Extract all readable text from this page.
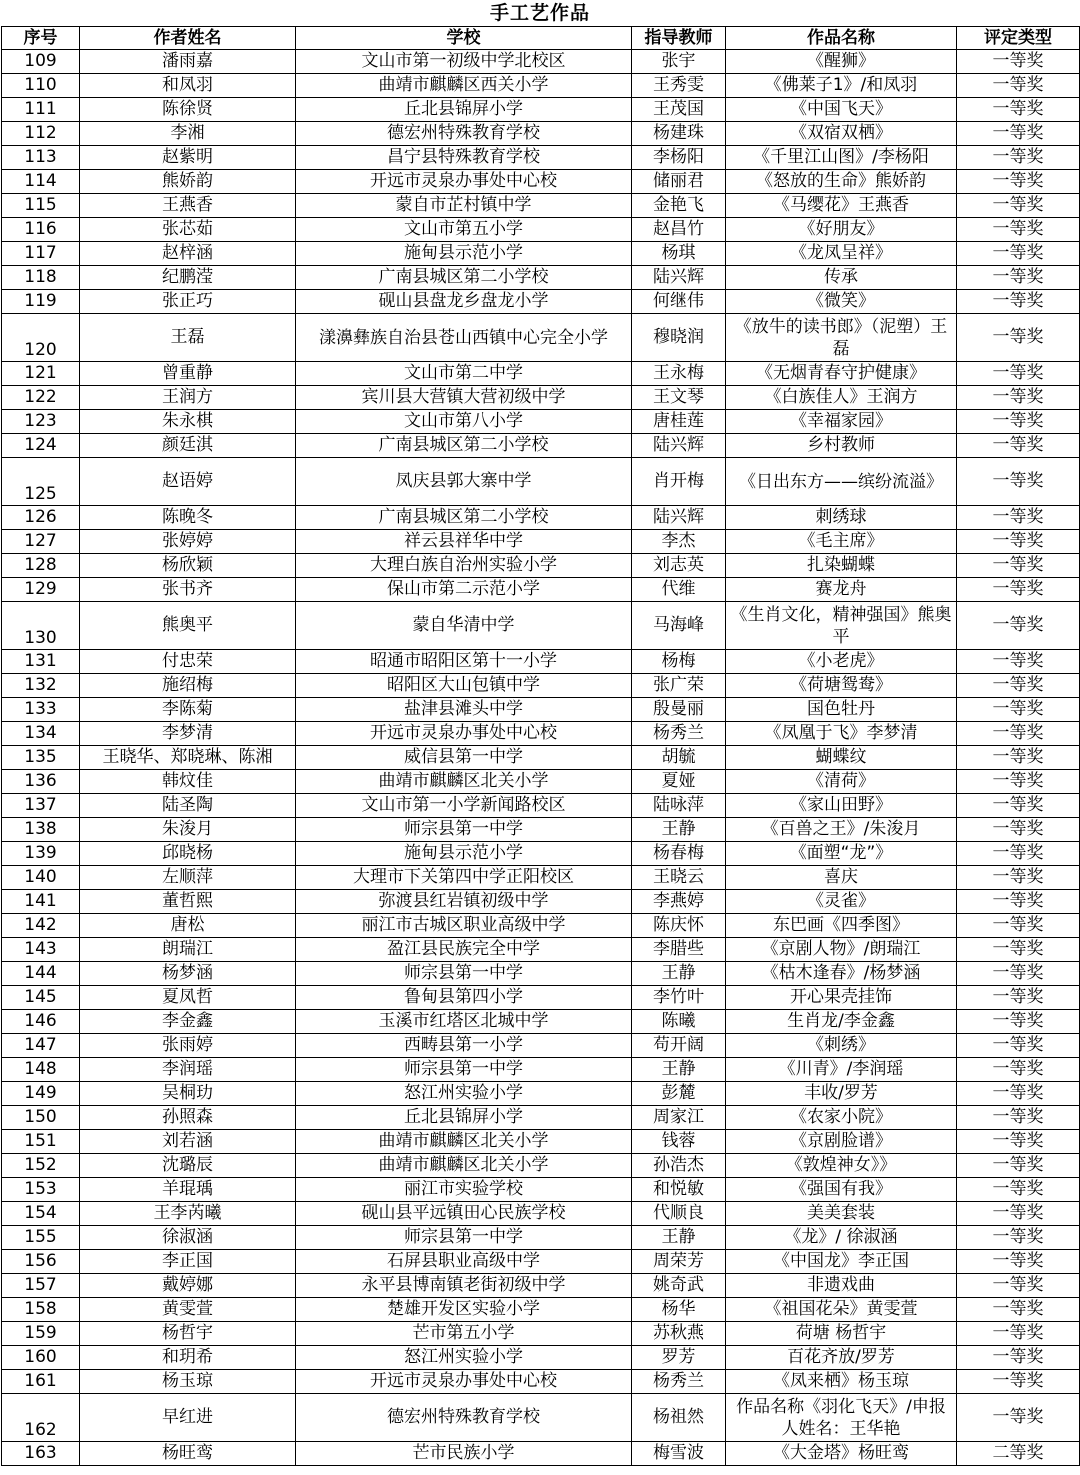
手工艺作品
序号	作者姓名	学校	指导教师	作品名称	评定类型
109	潘雨嘉	文山市第一初级中学北校区	张宇	《醒狮》	一等奖
110	和凤羽	曲靖市麒麟区西关小学	王秀雯	《佛莱子1》/和凤羽	一等奖
111	陈徐贤	丘北县锦屏小学	王茂国	《中国飞天》	一等奖
112	李湘	德宏州特殊教育学校	杨建珠	《双宿双栖》	一等奖
113	赵紫明	昌宁县特殊教育学校	李杨阳	《千里江山图》/李杨阳	一等奖
114	熊娇韵	开远市灵泉办事处中心校	储丽君	《怒放的生命》熊娇韵	一等奖
115	王燕香	蒙自市芷村镇中学	金艳飞	《马缨花》王燕香	一等奖
116	张芯茹	文山市第五小学	赵昌竹	《好朋友》	一等奖
117	赵梓涵	施甸县示范小学	杨琪	《龙凤呈祥》	一等奖
118	纪鹏滢	广南县城区第二小学校	陆兴辉	传承	一等奖
119	张正巧	砚山县盘龙乡盘龙小学	何继伟	《微笑》	一等奖
120	王磊	漾濞彝族自治县苍山西镇中心完全小学	穆晓润	《放牛的读书郎》（泥塑）王磊	一等奖
121	曾重静	文山市第二中学	王永梅	《无烟青春守护健康》	一等奖
122	王润方	宾川县大营镇大营初级中学	王文琴	《白族佳人》王润方	一等奖
123	朱永棋	文山市第八小学	唐桂莲	《幸福家园》	一等奖
124	颜廷淇	广南县城区第二小学校	陆兴辉	乡村教师	一等奖
125	赵语婷	凤庆县郭大寨中学	肖开梅	《日出东方——缤纷流溢》	一等奖
126	陈晚冬	广南县城区第二小学校	陆兴辉	刺绣球	一等奖
127	张婷婷	祥云县祥华中学	李杰	《毛主席》	一等奖
128	杨欣颖	大理白族自治州实验小学	刘志英	扎染蝴蝶	一等奖
129	张书齐	保山市第二示范小学	代维	赛龙舟	一等奖
130	熊奥平	蒙自华清中学	马海峰	《生肖文化，精神强国》熊奥平	一等奖
131	付忠荣	昭通市昭阳区第十一小学	杨梅	《小老虎》	一等奖
132	施绍梅	昭阳区大山包镇中学	张广荣	《荷塘鸳鸯》	一等奖
133	李陈菊	盐津县滩头中学	殷曼丽	国色牡丹	一等奖
134	李梦清	开远市灵泉办事处中心校	杨秀兰	《凤凰于飞》李梦清	一等奖
135	王晓华、郑晓琳、陈湘	威信县第一中学	胡毓	蝴蝶纹	一等奖
136	韩炆佳	曲靖市麒麟区北关小学	夏娅	《清荷》	一等奖
137	陆圣陶	文山市第一小学新闻路校区	陆咏萍	《家山田野》	一等奖
138	朱浚月	师宗县第一中学	王静	《百兽之王》/朱浚月	一等奖
139	邱晓杨	施甸县示范小学	杨春梅	《面塑“龙”》	一等奖
140	左顺萍	大理市下关第四中学正阳校区	王晓云	喜庆	一等奖
141	董哲熙	弥渡县红岩镇初级中学	李燕婷	《灵雀》	一等奖
142	唐松	丽江市古城区职业高级中学	陈庆怀	东巴画《四季图》	一等奖
143	朗瑞江	盈江县民族完全中学	李腊些	《京剧人物》/朗瑞江	一等奖
144	杨梦涵	师宗县第一中学	王静	《枯木逢春》/杨梦涵	一等奖
145	夏凤哲	鲁甸县第四小学	李竹叶	开心果壳挂饰	一等奖
146	李金鑫	玉溪市红塔区北城中学	陈曦	生肖龙/李金鑫	一等奖
147	张雨婷	西畴县第一小学	苟开阔	《刺绣》	一等奖
148	李润瑶	师宗县第一中学	王静	《川青》/李润瑶	一等奖
149	吴桐玏	怒江州实验小学	彭麓	丰收/罗芳	一等奖
150	孙照森	丘北县锦屏小学	周家江	《农家小院》	一等奖
151	刘若涵	曲靖市麒麟区北关小学	钱蓉	《京剧脸谱》	一等奖
152	沈璐辰	曲靖市麒麟区北关小学	孙浩杰	《敦煌神女》》	一等奖
153	羊琨瑀	丽江市实验学校	和悦敏	《强国有我》	一等奖
154	王李芮曦	砚山县平远镇田心民族学校	代顺良	美美套装	一等奖
155	徐淑涵	师宗县第一中学	王静	《龙》/ 徐淑涵	一等奖
156	李正国	石屏县职业高级中学	周荣芳	《中国龙》李正国	一等奖
157	戴婷娜	永平县博南镇老街初级中学	姚奇武	非遗戏曲	一等奖
158	黄雯萱	楚雄开发区实验小学	杨华	《祖国花朵》黄雯萱	一等奖
159	杨哲宇	芒市第五小学	苏秋燕	荷塘 杨哲宇	一等奖
160	和玥希	怒江州实验小学	罗芳	百花齐放/罗芳	一等奖
161	杨玉琼	开远市灵泉办事处中心校	杨秀兰	《凤来栖》杨玉琼	一等奖
162	早红进	德宏州特殊教育学校	杨祖然	作品名称《羽化飞天》/申报人姓名：王华艳	一等奖
163	杨旺鸾	芒市民族小学	梅雪波	《大金塔》杨旺鸾	二等奖
